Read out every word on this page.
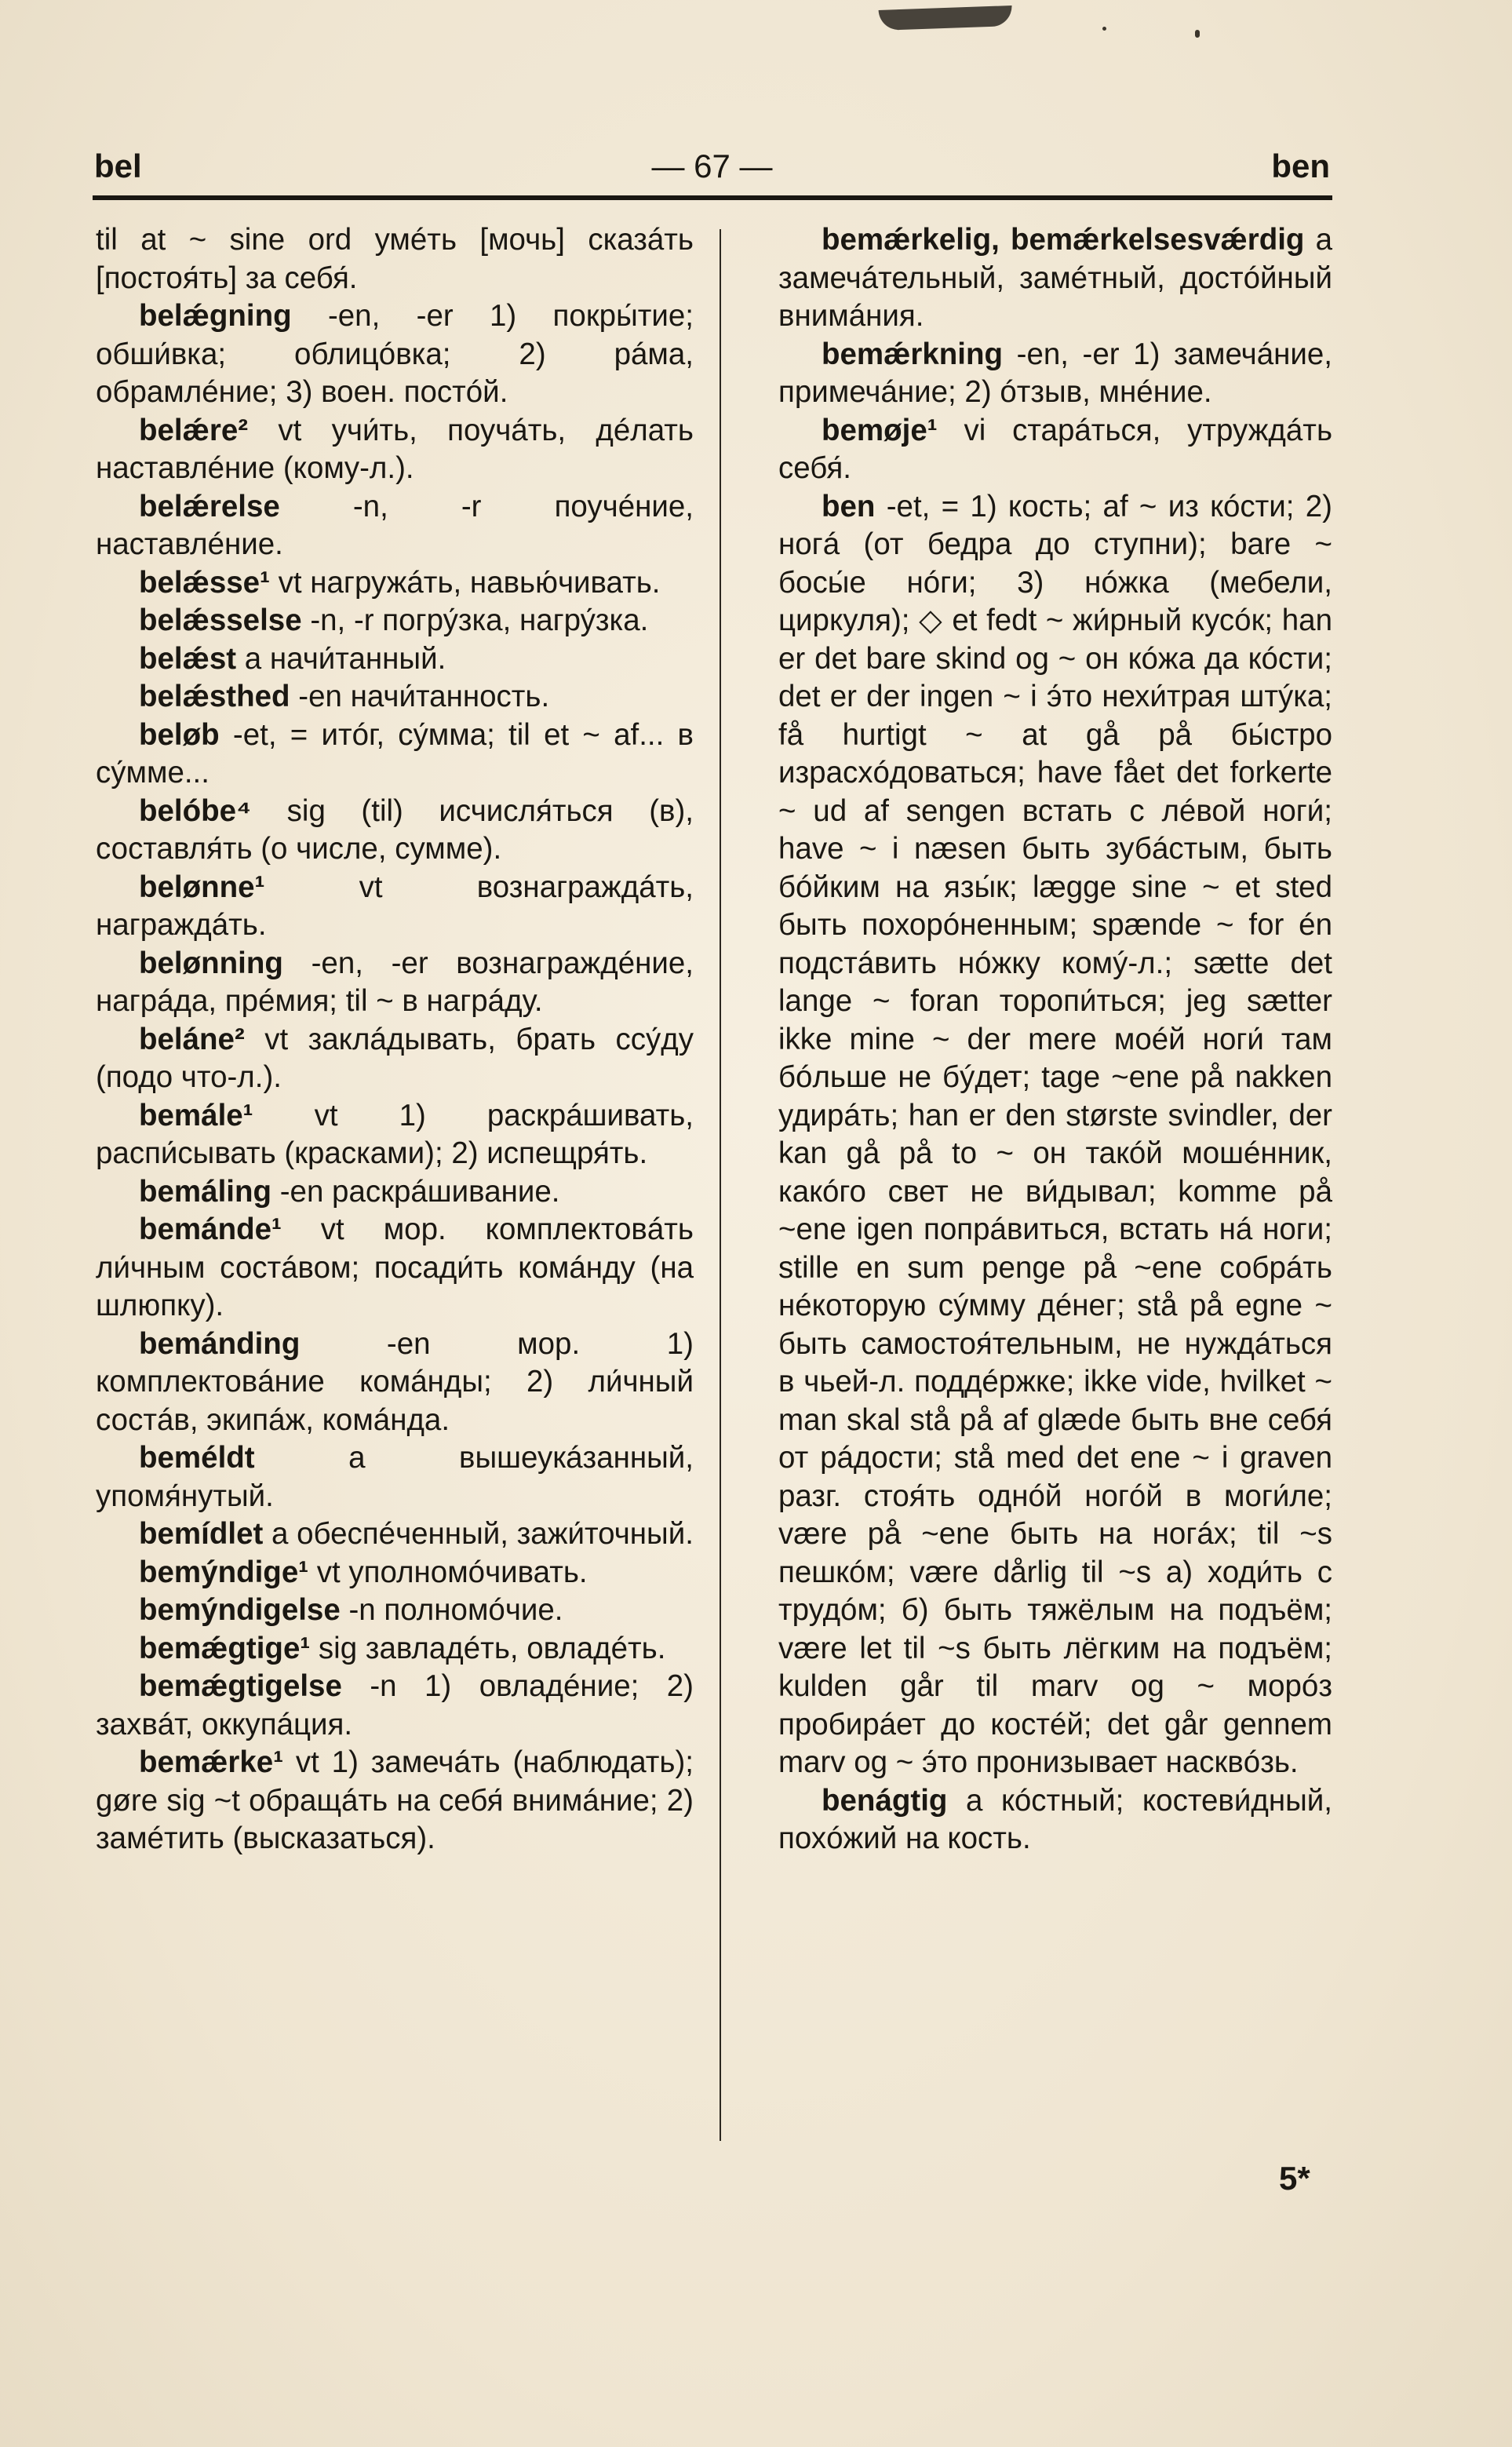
bel	— 67 —	ben

til at ~ sine ord умéть [мочь] сказáть [постоя́ть] за себя́.

belǽgning -en, -er 1) покры́тие; обши́вка; облицóвка; 2) рáма, обрамлéние; 3) воен. постóй.

belǽre² vt учи́ть, поучáть, дéлать наставлéние (комy-л.).

belǽrelse -n, -r поучéние, наставлéние.

belǽsse¹ vt нагружáть, навью́чивать.

belǽsselse -n, -r погру́зка, нагру́зка.

belǽst a начи́танный.

belǽsthed -en начи́танность.

beløb -et, = итóг, су́мма; til et ~ af... в су́мме...

belóbe⁴ sig (til) исчисля́ться (в), составля́ть (о числе, сумме).

belønne¹ vt вознаграждáть, награждáть.

belønning -en, -er вознаграждéние, нагрáда, прéмия; til ~ в нагрáду.

beláne² vt заклáдывать, брать ссу́ду (подо что-л.).

bemále¹ vt 1) раскрáшивать, распи́сывать (красками); 2) испещря́ть.

bemáling -en раскрáшивание.

bemánde¹ vt мор. комплектовáть ли́чным состáвом; посади́ть комáнду (на шлюпку).

bemánding -en мор. 1) комплектовáние комáнды; 2) ли́чный состáв, экипáж, комáнда.

beméldt a вышеукáзанный, упомя́нутый.

bemídlet a обеспéченный, зажи́точный.

bemýndige¹ vt уполномóчивать.

bemýndigelse -n полномóчие.

bemǽgtige¹ sig завладéть, овладéть.

bemǽgtigelse -n 1) овладéние; 2) захвáт, оккупáция.

bemǽrke¹ vt 1) замечáть (наблюдать); gøre sig ~t обращáть на себя́ внимáние; 2) замéтить (высказаться).

bemǽrkelig, bemǽrkelsesvǽrdig a замечáтельный, замéтный, достóйный внимáния.

bemǽrkning -en, -er 1) замечáние, примечáние; 2) óтзыв, мнéние.

bemøje¹ vi старáться, утруждáть себя́.

ben -et, = 1) кость; af ~ из кóсти; 2) ногá (от бедра до ступни); bare ~ босы́е нóги; 3) нóжка (мебели, циркуля); ◇ et fedt ~ жи́рный кусóк; han er det bare skind og ~ он кóжа да кóсти; det er der ingen ~ i э́то нехи́трая штýка; få hurtigt ~ at gå på бы́стро израсхóдоваться; have fået det forkerte ~ ud af sengen встать с лéвой ноги́; have ~ i næsen быть зубáстым, быть бóйким на язы́к; lægge sine ~ et sted быть похорóненным; spænde ~ for én подстáвить нóжку комý-л.; sætte det lange ~ foran торопи́ться; jeg sætter ikke mine ~ der mere моéй ноги́ там бóльше не бýдет; tage ~ene på nakken удирáть; han er den største svindler, der kan gå på to ~ он такóй мошéнник, какóго свет не ви́дывал; komme på ~ene igen попрáвиться, встать нá ноги; stille en sum penge på ~ene собрáть нéкоторую сýмму дéнег; stå på egne ~ быть самостоя́тельным, не нуждáться в чьей-л. поддéржке; ikke vide, hvilket ~ man skal stå på af glæde быть вне себя́ от рáдости; stå med det ene ~ i graven разг. стоя́ть однóй ногóй в моги́ле; være på ~ene быть на ногáх; til ~s пешкóм; være dårlig til ~s а) ходи́ть с трудóм; б) быть тяжёлым на подъём; være let til ~s быть лёгким на подъём; kulden går til marv og ~ морóз пробирáет до костéй; det går gennem marv og ~ э́то пронизывает насквóзь.

benágtig a кóстный; костеви́дный, похóжий на кость.

5*
